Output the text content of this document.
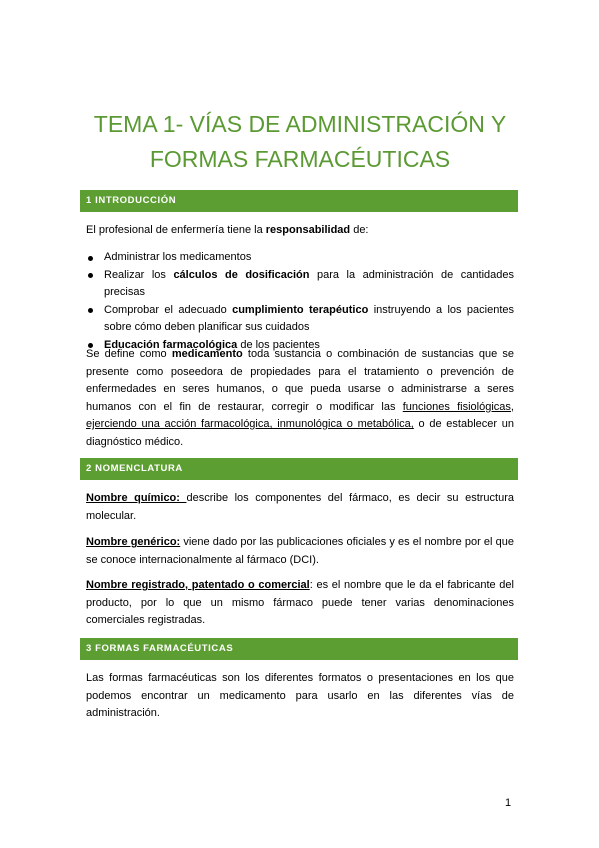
TEMA 1- VÍAS DE ADMINISTRACIÓN Y
FORMAS FARMACÉUTICAS
1 INTRODUCCIÓN

El profesional de enfermería tiene la responsabilidad de:

Administrar los medicamentos
Realizar los cálculos de dosificación para la administración de cantidades precisas
Comprobar el adecuado cumplimiento terapéutico instruyendo a los pacientes sobre cómo deben planificar sus cuidados
Educación farmacológica de los pacientes

Se define como medicamento toda sustancia o combinación de sustancias que se presente como poseedora de propiedades para el tratamiento o prevención de enfermedades en seres humanos, o que pueda usarse o administrarse a seres humanos con el fin de restaurar, corregir o modificar las funciones fisiológicas, ejerciendo una acción farmacológica, inmunológica o metabólica, o de establecer un diagnóstico médico.

2 NOMENCLATURA

Nombre químico: describe los componentes del fármaco, es decir su estructura molecular.

Nombre genérico: viene dado por las publicaciones oficiales y es el nombre por el que se conoce internacionalmente al fármaco (DCI).

Nombre registrado, patentado o comercial: es el nombre que le da el fabricante del producto, por lo que un mismo fármaco puede tener varias denominaciones comerciales registradas.

3 FORMAS FARMACÉUTICAS

Las formas farmacéuticas son los diferentes formatos o presentaciones en los que podemos encontrar un medicamento para usarlo en las diferentes vías de administración.

1
